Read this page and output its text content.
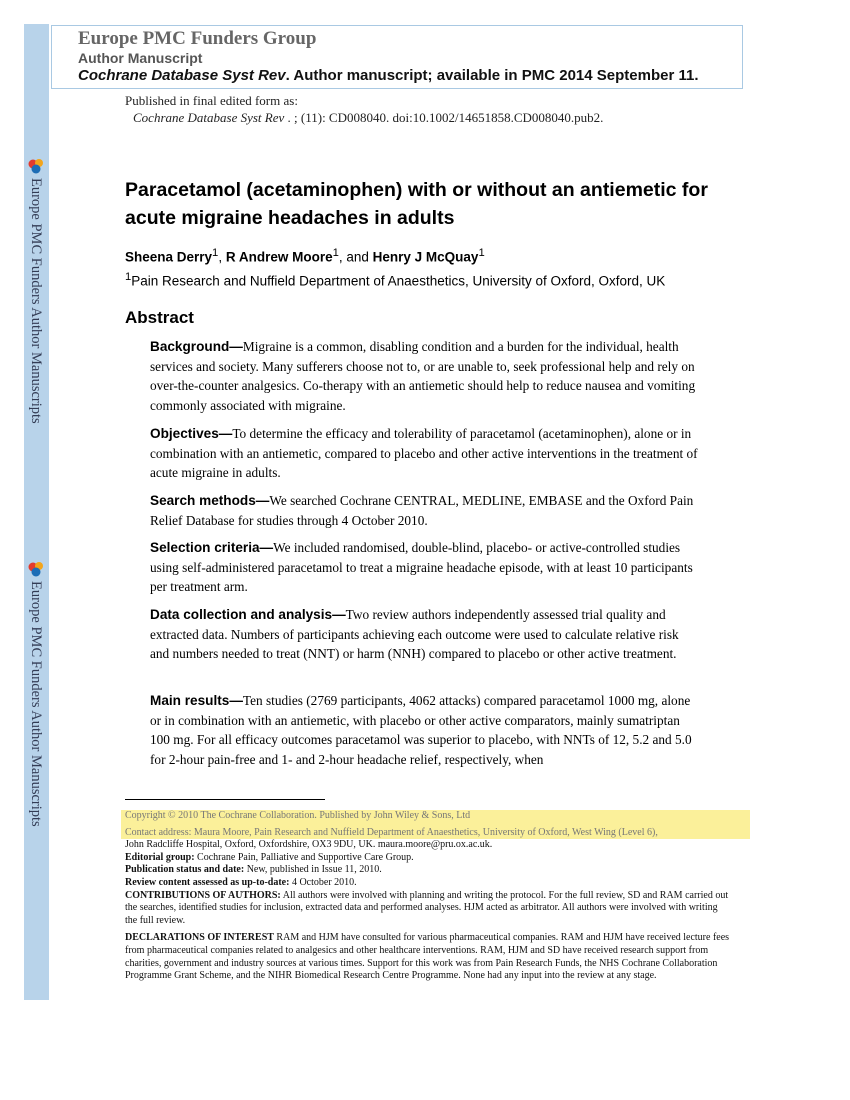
Europe PMC Funders Author Manuscripts
Europe PMC Funders Author Manuscripts
Europe PMC Funders Group
Author Manuscript
Cochrane Database Syst Rev. Author manuscript; available in PMC 2014 September 11.
Published in final edited form as:
Cochrane Database Syst Rev . ; (11): CD008040. doi:10.1002/14651858.CD008040.pub2.
Paracetamol (acetaminophen) with or without an antiemetic for acute migraine headaches in adults
Sheena Derry$^1$, R Andrew Moore$^1$, and Henry J McQuay$^1$
$^1$Pain Research and Nuffield Department of Anaesthetics, University of Oxford, Oxford, UK
Abstract
Background—Migraine is a common, disabling condition and a burden for the individual, health services and society. Many sufferers choose not to, or are unable to, seek professional help and rely on over-the-counter analgesics. Co-therapy with an antiemetic should help to reduce nausea and vomiting commonly associated with migraine.
Objectives—To determine the efficacy and tolerability of paracetamol (acetaminophen), alone or in combination with an antiemetic, compared to placebo and other active interventions in the treatment of acute migraine in adults.
Search methods—We searched Cochrane CENTRAL, MEDLINE, EMBASE and the Oxford Pain Relief Database for studies through 4 October 2010.
Selection criteria—We included randomised, double-blind, placebo- or active-controlled studies using self-administered paracetamol to treat a migraine headache episode, with at least 10 participants per treatment arm.
Data collection and analysis—Two review authors independently assessed trial quality and extracted data. Numbers of participants achieving each outcome were used to calculate relative risk and numbers needed to treat (NNT) or harm (NNH) compared to placebo or other active treatment.
Main results—Ten studies (2769 participants, 4062 attacks) compared paracetamol 1000 mg, alone or in combination with an antiemetic, with placebo or other active comparators, mainly sumatriptan 100 mg. For all efficacy outcomes paracetamol was superior to placebo, with NNTs of 12, 5.2 and 5.0 for 2-hour pain-free and 1- and 2-hour headache relief, respectively, when
Copyright © 2010 The Cochrane Collaboration. Published by John Wiley & Sons, Ltd
Contact address: Maura Moore, Pain Research and Nuffield Department of Anaesthetics, University of Oxford, West Wing (Level 6),

John Radcliffe Hospital, Oxford, Oxfordshire, OX3 9DU, UK. maura.moore@pru.ox.ac.uk.

Editorial group: Cochrane Pain, Palliative and Supportive Care Group.

Publication status and date: New, published in Issue 11, 2010.

Review content assessed as up-to-date: 4 October 2010.

CONTRIBUTIONS OF AUTHORS: All authors were involved with planning and writing the protocol. For the full review, SD and RAM carried out the searches, identified studies for inclusion, extracted data and performed analyses. HJM acted as arbitrator. All authors were involved with writing the full review.

DECLARATIONS OF INTEREST RAM and HJM have consulted for various pharmaceutical companies. RAM and HJM have received lecture fees from pharmaceutical companies related to analgesics and other healthcare interventions. RAM, HJM and SD have received research support from charities, government and industry sources at various times. Support for this work was from Pain Research Funds, the NHS Cochrane Collaboration Programme Grant Scheme, and the NIHR Biomedical Research Centre Programme. None had any input into the review at any stage.
